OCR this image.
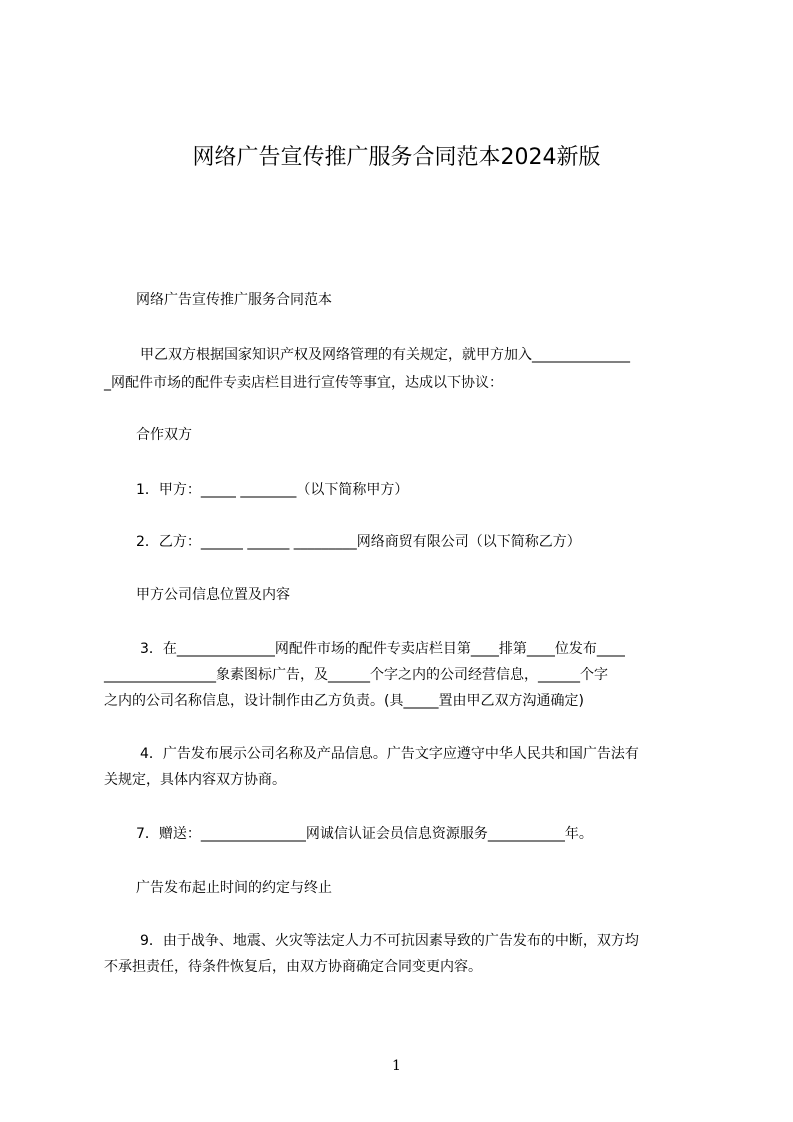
网络广告宣传推广服务合同范本2024新版
网络广告宣传推广服务合同范本
甲乙双方根据国家知识产权及网络管理的有关规定，就甲方加入______________
_网配件市场的配件专卖店栏目进行宣传等事宜，达成以下协议：
合作双方
1．甲方：_____ ________（以下简称甲方）
2．乙方：______ ______ _________网络商贸有限公司（以下简称乙方）
甲方公司信息位置及内容
3．在______________网配件市场的配件专卖店栏目第____排第____位发布____
________________象素图标广告，及______个字之内的公司经营信息，______个字
之内的公司名称信息，设计制作由乙方负责。(具_____置由甲乙双方沟通确定)
4．广告发布展示公司名称及产品信息。广告文字应遵守中华人民共和国广告法有
关规定，具体内容双方协商。
7．赠送：_______________网诚信认证会员信息资源服务___________年。
广告发布起止时间的约定与终止
9．由于战争、地震、火灾等法定人力不可抗因素导致的广告发布的中断，双方均
不承担责任，待条件恢复后，由双方协商确定合同变更内容。
1
